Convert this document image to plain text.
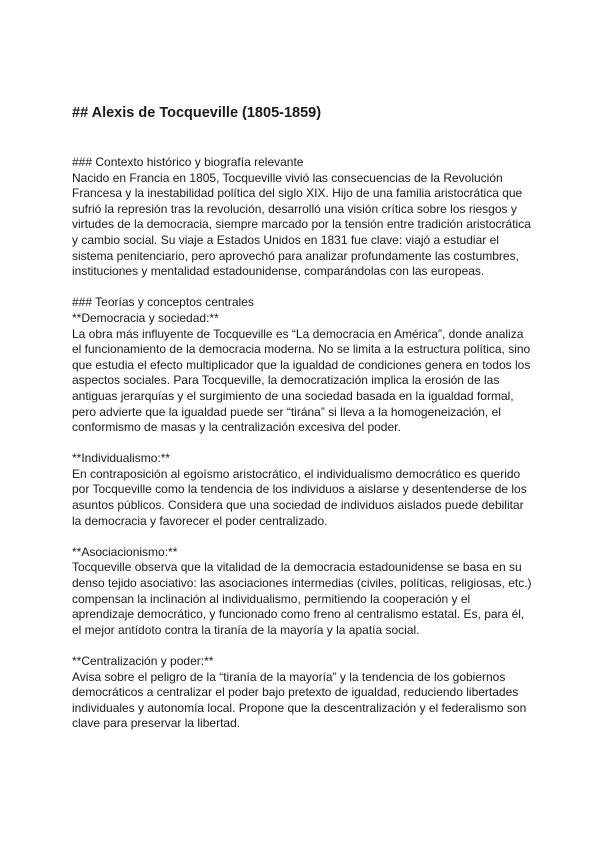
## Alexis de Tocqueville (1805-1859)

### Contexto histórico y biografía relevante

Nacido en Francia en 1805, Tocqueville vivió las consecuencias de la Revolución Francesa y la inestabilidad política del siglo XIX. Hijo de una familia aristocrática que sufrió la represión tras la revolución, desarrolló una visión crítica sobre los riesgos y virtudes de la democracia, siempre marcado por la tensión entre tradición aristocrática y cambio social. Su viaje a Estados Unidos en 1831 fue clave: viajó a estudiar el sistema penitenciario, pero aprovechó para analizar profundamente las costumbres, instituciones y mentalidad estadounidense, comparándolas con las europeas.

### Teorías y conceptos centrales

**Democracia y sociedad:**

La obra más influyente de Tocqueville es “La democracia en América”, donde analiza el funcionamiento de la democracia moderna. No se limita a la estructura política, sino que estudia el efecto multiplicador que la igualdad de condiciones genera en todos los aspectos sociales. Para Tocqueville, la democratización implica la erosión de las antiguas jerarquías y el surgimiento de una sociedad basada en la igualdad formal, pero advierte que la igualdad puede ser “tirána” si lleva a la homogeneización, el conformismo de masas y la centralización excesiva del poder.

**Individualismo:**

En contraposición al egoísmo aristocrático, el individualismo democrático es querido por Tocqueville como la tendencia de los individuos a aislarse y desentenderse de los asuntos públicos. Considera que una sociedad de individuos aislados puede debilitar la democracia y favorecer el poder centralizado.

**Asociacionismo:**

Tocqueville observa que la vitalidad de la democracia estadounidense se basa en su denso tejido asociativo: las asociaciones intermedias (civiles, políticas, religiosas, etc.) compensan la inclinación al individualismo, permitiendo la cooperación y el aprendizaje democrático, y funcionado como freno al centralismo estatal. Es, para él, el mejor antídoto contra la tiranía de la mayoría y la apatía social.

**Centralización y poder:**

Avisa sobre el peligro de la “tiranía de la mayoría” y la tendencia de los gobiernos democráticos a centralizar el poder bajo pretexto de igualdad, reduciendo libertades individuales y autonomía local. Propone que la descentralización y el federalismo son clave para preservar la libertad.
